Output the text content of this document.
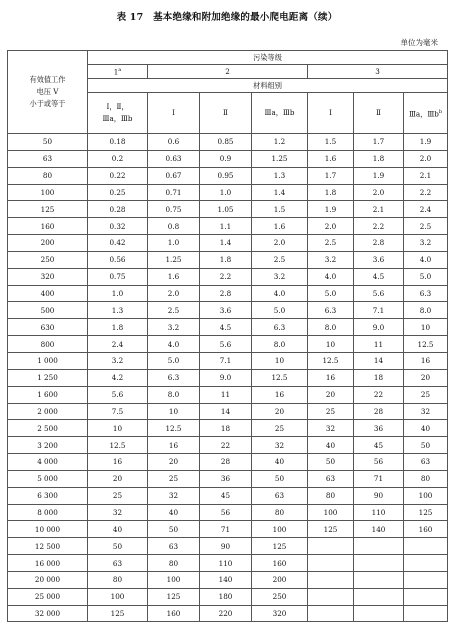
表 17　基本绝缘和附加绝缘的最小爬电距离（续）
单位为毫米
有效值工作
电压 V
小于或等于	污染等级						
	1$^a$	2			3		
	材料组别						
	Ⅰ，Ⅱ，
Ⅲa，Ⅲb	Ⅰ	Ⅱ	Ⅲa，Ⅲb	Ⅰ	Ⅱ	Ⅲa，$Ⅲb^b$
50	0.18	0.6	0.85	1.2	1.5	1.7	1.9
63	0.2	0.63	0.9	1.25	1.6	1.8	2.0
80	0.22	0.67	0.95	1.3	1.7	1.9	2.1
100	0.25	0.71	1.0	1.4	1.8	2.0	2.2
125	0.28	0.75	1.05	1.5	1.9	2.1	2.4
160	0.32	0.8	1.1	1.6	2.0	2.2	2.5
200	0.42	1.0	1.4	2.0	2.5	2.8	3.2
250	0.56	1.25	1.8	2.5	3.2	3.6	4.0
320	0.75	1.6	2.2	3.2	4.0	4.5	5.0
400	1.0	2.0	2.8	4.0	5.0	5.6	6.3
500	1.3	2.5	3.6	5.0	6.3	7.1	8.0
630	1.8	3.2	4.5	6.3	8.0	9.0	10
800	2.4	4.0	5.6	8.0	10	11	12.5
1 000	3.2	5.0	7.1	10	12.5	14	16
1 250	4.2	6.3	9.0	12.5	16	18	20
1 600	5.6	8.0	11	16	20	22	25
2 000	7.5	10	14	20	25	28	32
2 500	10	12.5	18	25	32	36	40
3 200	12.5	16	22	32	40	45	50
4 000	16	20	28	40	50	56	63
5 000	20	25	36	50	63	71	80
6 300	25	32	45	63	80	90	100
8 000	32	40	56	80	100	110	125
10 000	40	50	71	100	125	140	160
12 500	50	63	90	125			
16 000	63	80	110	160			
20 000	80	100	140	200			
25 000	100	125	180	250			
32 000	125	160	220	320			
